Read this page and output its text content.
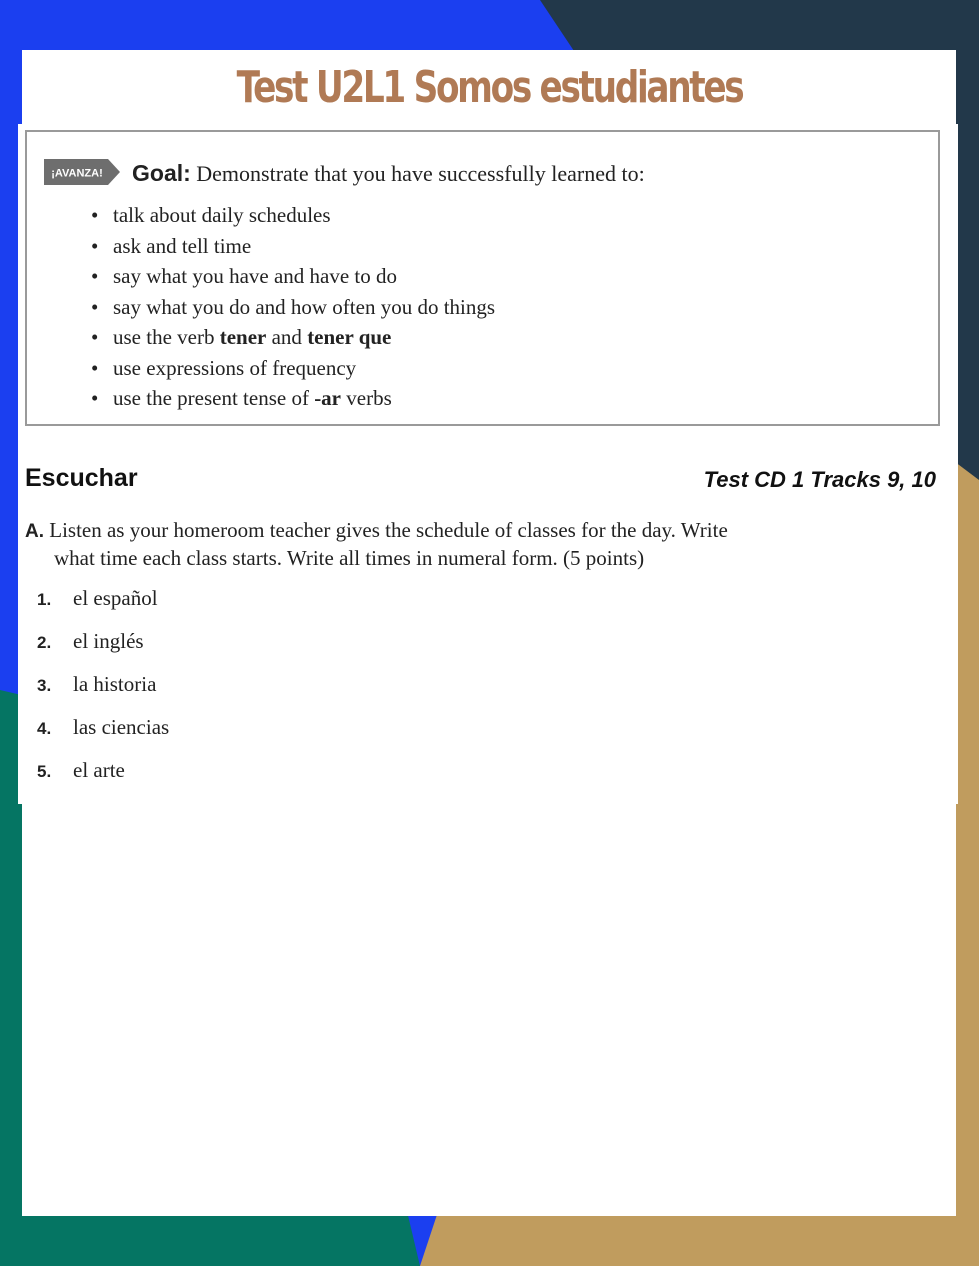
Test U2L1 Somos estudiantes
¡AVANZA! Goal: Demonstrate that you have successfully learned to:
• talk about daily schedules
• ask and tell time
• say what you have and have to do
• say what you do and how often you do things
• use the verb tener and tener que
• use expressions of frequency
• use the present tense of -ar verbs
Escuchar	Test CD 1 Tracks 9, 10
A. Listen as your homeroom teacher gives the schedule of classes for the day. Write
what time each class starts. Write all times in numeral form. (5 points)
1. el español
2. el inglés
3. la historia
4. las ciencias
5. el arte
